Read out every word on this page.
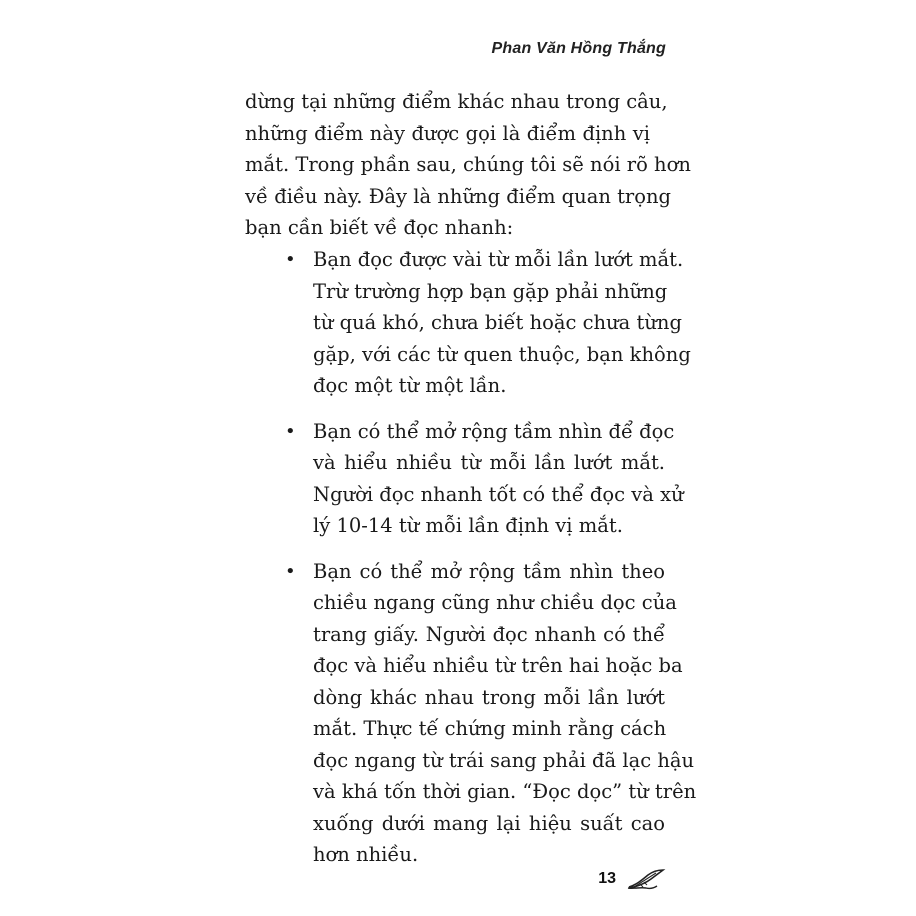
Phan Văn Hồng Thắng
dừng tại những điểm khác nhau trong câu,
những điểm này được gọi là điểm định vị
mắt. Trong phần sau, chúng tôi sẽ nói rõ hơn
về điều này. Đây là những điểm quan trọng
bạn cần biết về đọc nhanh:
• Bạn đọc được vài từ mỗi lần lướt mắt.
Trừ trường hợp bạn gặp phải những
từ quá khó, chưa biết hoặc chưa từng
gặp, với các từ quen thuộc, bạn không
đọc một từ một lần.
• Bạn có thể mở rộng tầm nhìn để đọc
và hiểu nhiều từ mỗi lần lướt mắt.
Người đọc nhanh tốt có thể đọc và xử
lý 10-14 từ mỗi lần định vị mắt.
• Bạn có thể mở rộng tầm nhìn theo
chiều ngang cũng như chiều dọc của
trang giấy. Người đọc nhanh có thể
đọc và hiểu nhiều từ trên hai hoặc ba
dòng khác nhau trong mỗi lần lướt
mắt. Thực tế chứng minh rằng cách
đọc ngang từ trái sang phải đã lạc hậu
và khá tốn thời gian. “Đọc dọc” từ trên
xuống dưới mang lại hiệu suất cao
hơn nhiều.
13
